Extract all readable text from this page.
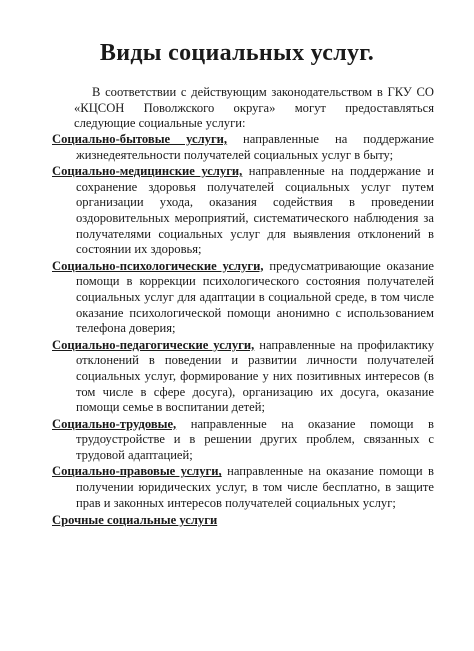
Виды социальных услуг.
В соответствии с действующим законодательством в ГКУ СО «КЦСОН Поволжского округа» могут предоставляться следующие социальные услуги:
Социально-бытовые услуги, направленные на поддержание жизнедеятельности получателей социальных услуг в быту;
Социально-медицинские услуги, направленные на поддержание и сохранение здоровья получателей социальных услуг путем организации ухода, оказания содействия в проведении оздоровительных мероприятий, систематического наблюдения за получателями социальных услуг для выявления отклонений в состоянии их здоровья;
Социально-психологические услуги, предусматривающие оказание помощи в коррекции психологического состояния получателей социальных услуг для адаптации в социальной среде, в том числе оказание психологической помощи анонимно с использованием телефона доверия;
Социально-педагогические услуги, направленные на профилактику отклонений в поведении и развитии личности получателей социальных услуг, формирование у них позитивных интересов (в том числе в сфере досуга), организацию их досуга, оказание помощи семье в воспитании детей;
Социально-трудовые, направленные на оказание помощи в трудоустройстве и в решении других проблем, связанных с трудовой адаптацией;
Социально-правовые услуги, направленные на оказание помощи в получении юридических услуг, в том числе бесплатно, в защите прав и законных интересов получателей социальных услуг;
Срочные социальные услуги
